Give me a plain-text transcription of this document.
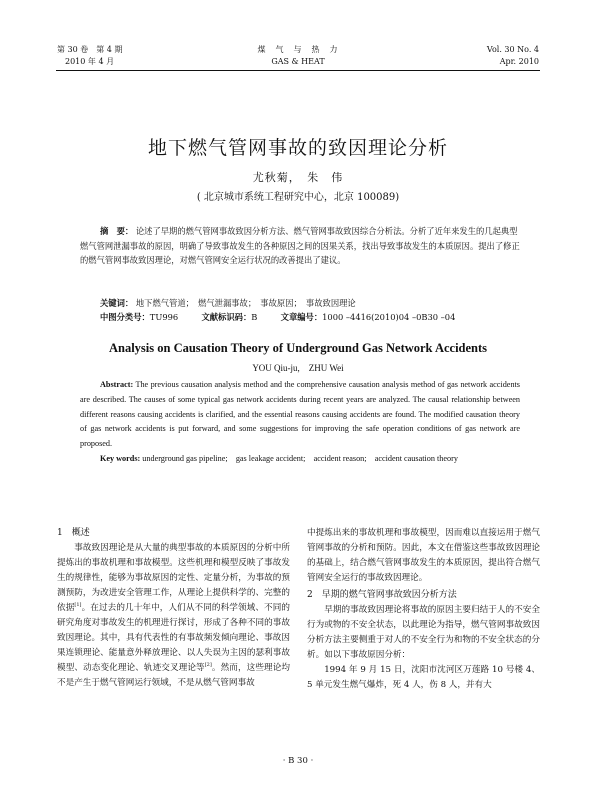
第 30 卷　第 4 期
2010 年 4 月
煤　气　与　热　力
GAS & HEAT
Vol. 30 No. 4
Apr. 2010
地下燃气管网事故的致因理论分析
尤秋菊，　朱　伟
( 北京城市系统工程研究中心，北京 100089)
摘　要： 论述了早期的燃气管网事故致因分析方法、燃气管网事故致因综合分析法。分析了近年来发生的几起典型燃气管网泄漏事故的原因，明确了导致事故发生的各种原因之间的因果关系，找出导致事故发生的本质原因。提出了修正的燃气管网事故致因理论，对燃气管网安全运行状况的改善提出了建议。
关键词： 地下燃气管道；　燃气泄漏事故；　事故原因；　事故致因理论
中图分类号：TU996	文献标识码：B	文章编号：1000 –4416(2010)04 –0B30 –04
Analysis on Causation Theory of Underground Gas Network Accidents
YOU Qiu-ju,　ZHU Wei
Abstract: The previous causation analysis method and the comprehensive causation analysis method of gas network accidents are described. The causes of some typical gas network accidents during recent years are analyzed. The causal relationship between different reasons causing accidents is clarified, and the essential reasons causing accidents are found. The modified causation theory of gas network accidents is put forward, and some suggestions for improving the safe operation conditions of gas network are proposed.
Key words: underground gas pipeline;　gas leakage accident;　accident reason;　accident causation theory

1　概述

事故致因理论是从大量的典型事故的本质原因的分析中所提炼出的事故机理和事故模型。这些机理和模型反映了事故发生的规律性，能够为事故原因的定性、定量分析，为事故的预测预防，为改进安全管理工作，从理论上提供科学的、完整的依据[1]。在过去的几十年中，人们从不同的科学领域、不同的研究角度对事故发生的机理进行探讨，形成了各种不同的事故致因理论。其中，具有代表性的有事故频发倾向理论、事故因果连锁理论、能量意外释放理论、以人失误为主因的瑟利事故模型、动态变化理论、轨迹交叉理论等[2]。然而，这些理论均不是产生于燃气管网运行领域，不是从燃气管网事故

中提炼出来的事故机理和事故模型，因而难以直接运用于燃气管网事故的分析和预防。因此，本文在借鉴这些事故致因理论的基础上，结合燃气管网事故发生的本质原因，提出符合燃气管网安全运行的事故致因理论。

2　早期的燃气管网事故致因分析方法

早期的事故致因理论将事故的原因主要归结于人的不安全行为或物的不安全状态，以此理论为指导，燃气管网事故致因分析方法主要侧重于对人的不安全行为和物的不安全状态的分析。如以下事故原因分析：

1994 年 9 月 15 日，沈阳市沈河区万莲路 10 号楼 4、5 单元发生燃气爆炸，死 4 人，伤 8 人，并有大

· B 30 ·
